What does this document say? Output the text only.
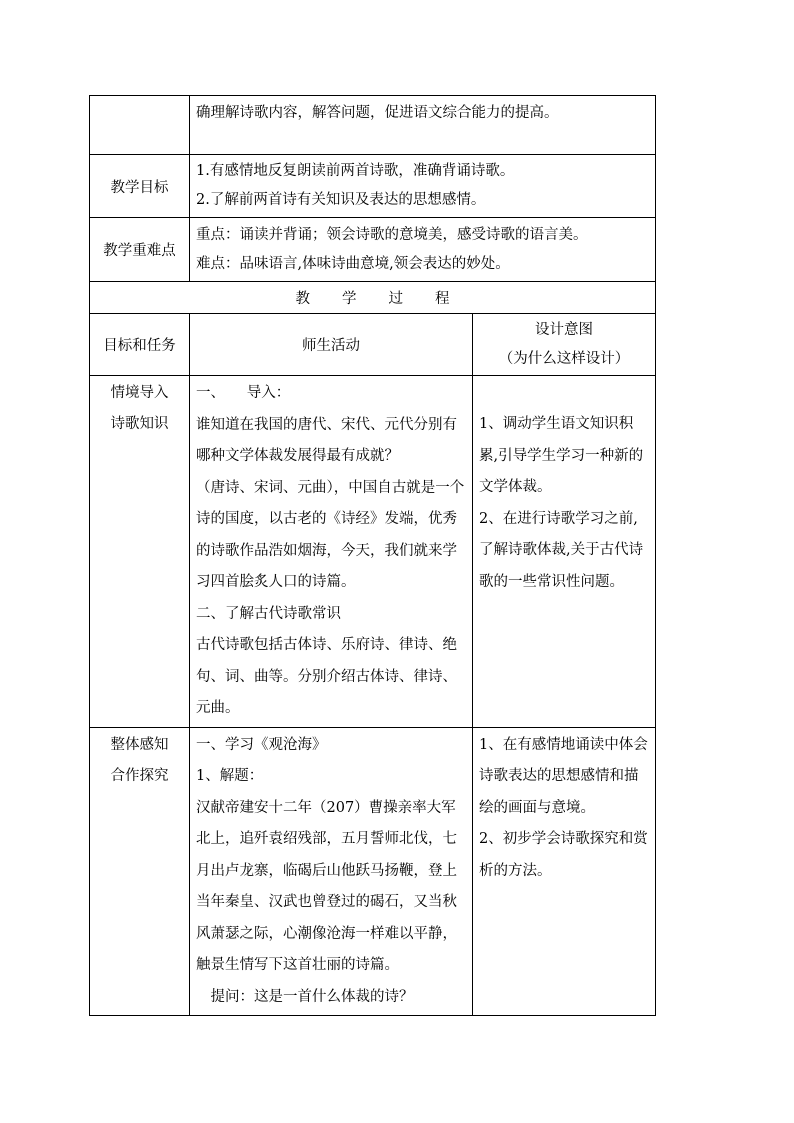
	确理解诗歌内容，解答问题，促进语文综合能力的提高。	

教学目标	1.有感情地反复朗读前两首诗歌，准确背诵诗歌。
2.了解前两首诗有关知识及表达的思想感情。	

教学重难点	重点：诵读并背诵；领会诗歌的意境美，感受诗歌的语言美。
难点：品味语言,体味诗曲意境,领会表达的妙处。	

教 学 过 程		

目标和任务	师生活动	设计意图
（为什么这样设计）

情境导入
诗歌知识	一、　　导入：
谁知道在我国的唐代、宋代、元代分别有哪种文学体裁发展得最有成就？
（唐诗、宋词、元曲），中国自古就是一个诗的国度，以古老的《诗经》发端，优秀的诗歌作品浩如烟海，今天，我们就来学习四首脍炙人口的诗篇。
二、了解古代诗歌常识
古代诗歌包括古体诗、乐府诗、律诗、绝句、词、曲等。分别介绍古体诗、律诗、元曲。	1、调动学生语文知识积累,引导学生学习一种新的文学体裁。
2、在进行诗歌学习之前,了解诗歌体裁,关于古代诗歌的一些常识性问题。

整体感知
合作探究	一、学习《观沧海》
1、解题：
汉献帝建安十二年（207）曹操亲率大军北上，追歼袁绍残部，五月誓师北伐，七月出卢龙寨，临碣后山他跃马扬鞭，登上当年秦皇、汉武也曾登过的碣石，又当秋风萧瑟之际，心潮像沧海一样难以平静，触景生情写下这首壮丽的诗篇。
　提问：这是一首什么体裁的诗？	1、在有感情地诵读中体会诗歌表达的思想感情和描绘的画面与意境。
2、初步学会诗歌探究和赏析的方法。
